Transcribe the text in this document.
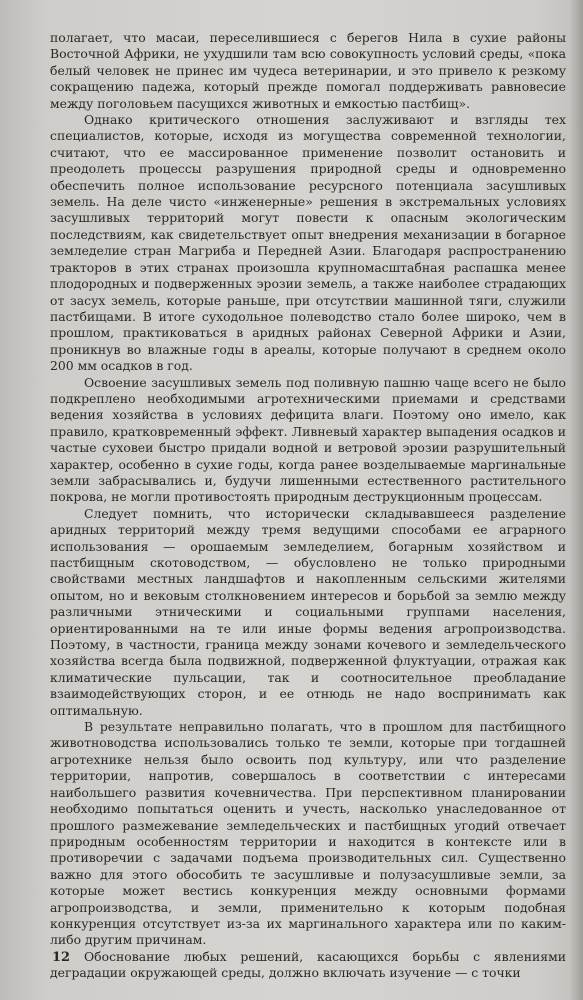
полагает, что масаи, переселившиеся с берегов Нила в сухие районы Восточной Африки, не ухудшили там всю совокупность условий среды, «пока белый человек не принес им чудеса ветеринарии, и это привело к резкому сокращению падежа, который прежде помогал поддерживать равновесие между поголовьем пасущихся животных и емкостью пастбищ».

Однако критического отношения заслуживают и взгляды тех специалистов, которые, исходя из могущества современной технологии, считают, что ее массированное применение позволит остановить и преодолеть процессы разрушения природной среды и одновременно обеспечить полное использование ресурсного потенциала засушливых земель. На деле чисто «инженерные» решения в экстремальных условиях засушливых территорий могут повести к опасным экологическим последствиям, как свидетельствует опыт внедрения механизации в богарное земледелие стран Магриба и Передней Азии. Благодаря распространению тракторов в этих странах произошла крупномасштабная распашка менее плодородных и подверженных эрозии земель, а также наиболее страдающих от засух земель, которые раньше, при отсутствии машинной тяги, служили пастбищами. В итоге суходольное полеводство стало более широко, чем в прошлом, практиковаться в аридных районах Северной Африки и Азии, проникнув во влажные годы в ареалы, которые получают в среднем около 200 мм осадков в год.

Освоение засушливых земель под поливную пашню чаще всего не было подкреплено необходимыми агротехническими приемами и средствами ведения хозяйства в условиях дефицита влаги. Поэтому оно имело, как правило, кратковременный эффект. Ливневый характер выпадения осадков и частые суховеи быстро придали водной и ветровой эрозии разрушительный характер, особенно в сухие годы, когда ранее возделываемые маргинальные земли забрасывались и, будучи лишенными естественного растительного покрова, не могли противостоять природным деструкционным процессам.

Следует помнить, что исторически складывавшееся разделение аридных территорий между тремя ведущими способами ее аграрного использования — орошаемым земледелием, богарным хозяйством и пастбищным скотоводством, — обусловлено не только природными свойствами местных ландшафтов и накопленным сельскими жителями опытом, но и вековым столкновением интересов и борьбой за землю между различными этническими и социальными группами населения, ориентированными на те или иные формы ведения агропроизводства. Поэтому, в частности, граница между зонами кочевого и земледельческого хозяйства всегда была подвижной, подверженной флуктуации, отражая как климатические пульсации, так и соотносительное преобладание взаимодействующих сторон, и ее отнюдь не надо воспринимать как оптимальную.

В результате неправильно полагать, что в прошлом для пастбищного животноводства использовались только те земли, которые при тогдашней агротехнике нельзя было освоить под культуру, или что разделение территории, напротив, совершалось в соответствии с интересами наибольшего развития кочевничества. При перспективном планировании необходимо попытаться оценить и учесть, насколько унаследованное от прошлого размежевание земледельческих и пастбищных угодий отвечает природным особенностям территории и находится в контексте или в противоречии с задачами подъема производительных сил. Существенно важно для этого обособить те засушливые и полузасушливые земли, за которые может вестись конкуренция между основными формами агропроизводства, и земли, применительно к которым подобная конкуренция отсутствует из-за их маргинального характера или по каким-либо другим причинам.

Обоснование любых решений, касающихся борьбы с явлениями деградации окружающей среды, должно включать изучение — с точки

12
